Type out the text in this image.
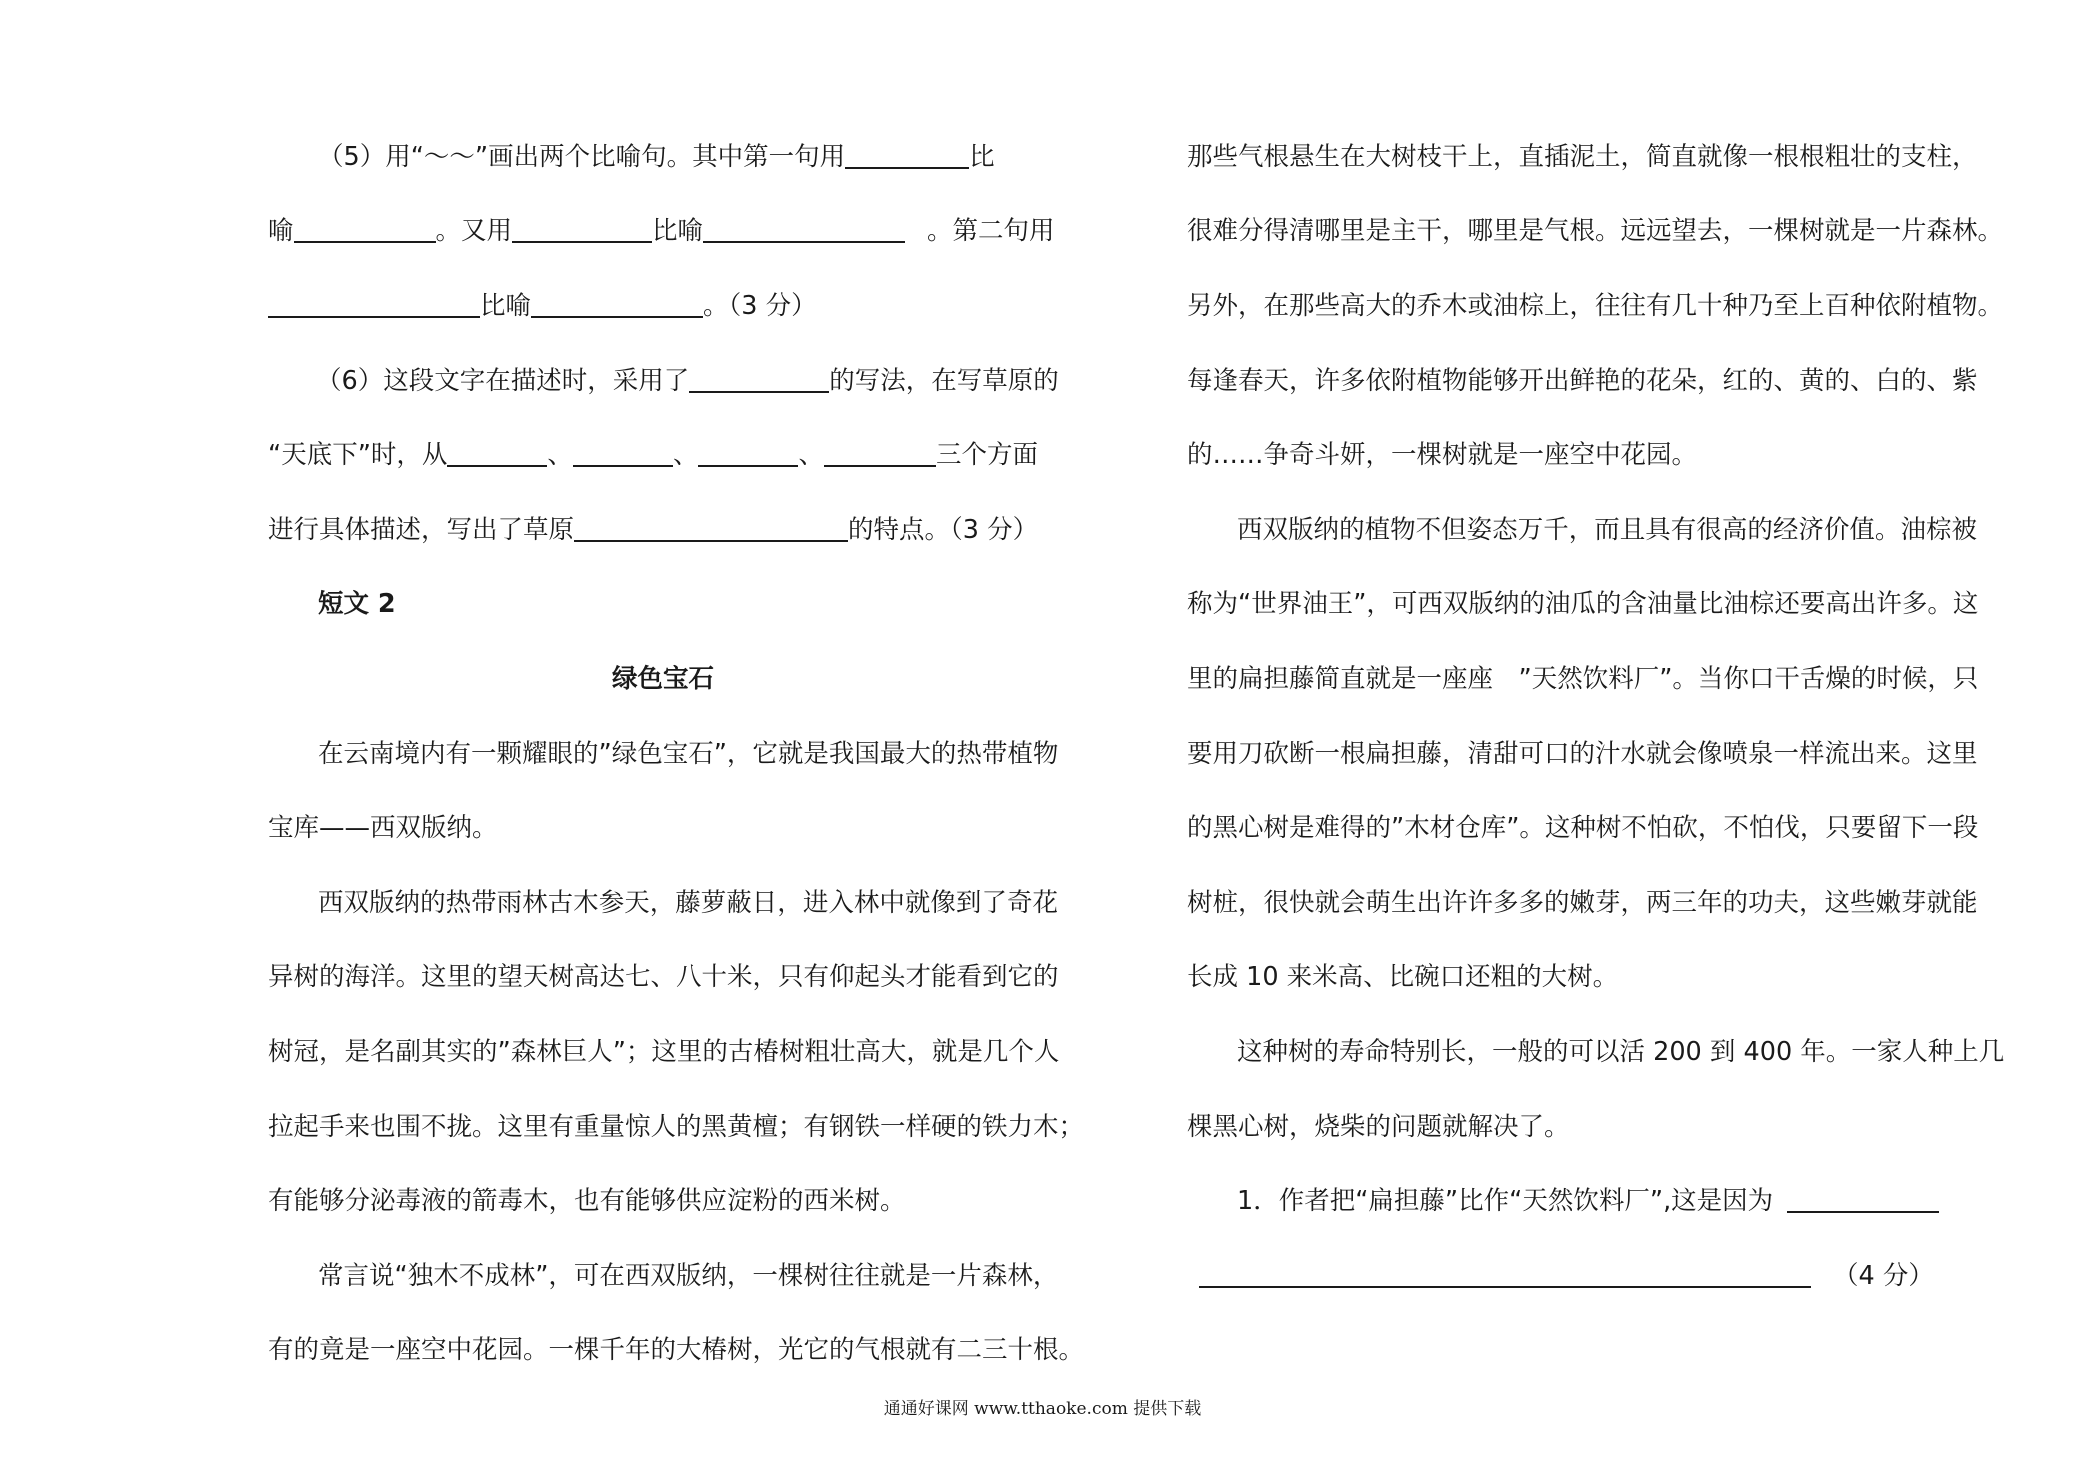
（5）用“～～”画出两个比喻句。其中第一句用	比
喻	。又用	比喻	。第二句用
比喻	。（3 分）
（6）这段文字在描述时，采用了	的写法，在写草原的
“天底下”时，从	、	、	、	三个方面
进行具体描述，写出了草原	的特点。（3 分）
短文 2
绿色宝石
在云南境内有一颗耀眼的”绿色宝石”，它就是我国最大的热带植物
宝库——西双版纳。
西双版纳的热带雨林古木参天，藤萝蔽日，进入林中就像到了奇花
异树的海洋。这里的望天树高达七、八十米，只有仰起头才能看到它的
树冠，是名副其实的”森林巨人”；这里的古椿树粗壮高大，就是几个人
拉起手来也围不拢。这里有重量惊人的黑黄檀；有钢铁一样硬的铁力木；
有能够分泌毒液的箭毒木，也有能够供应淀粉的西米树。
常言说“独木不成林”，可在西双版纳，一棵树往往就是一片森林，
有的竟是一座空中花园。一棵千年的大椿树，光它的气根就有二三十根。
那些气根悬生在大树枝干上，直插泥土，简直就像一根根粗壮的支柱，
很难分得清哪里是主干，哪里是气根。远远望去，一棵树就是一片森林。
另外，在那些高大的乔木或油棕上，往往有几十种乃至上百种依附植物。
每逢春天，许多依附植物能够开出鲜艳的花朵，红的、黄的、白的、紫
的……争奇斗妍，一棵树就是一座空中花园。
西双版纳的植物不但姿态万千，而且具有很高的经济价值。油棕被
称为“世界油王”，可西双版纳的油瓜的含油量比油棕还要高出许多。这
里的扁担藤简直就是一座座　”天然饮料厂”。当你口干舌燥的时候，只
要用刀砍断一根扁担藤，清甜可口的汁水就会像喷泉一样流出来。这里
的黑心树是难得的”木材仓库”。这种树不怕砍，不怕伐，只要留下一段
树桩，很快就会萌生出许许多多的嫩芽，两三年的功夫，这些嫩芽就能
长成 10 来米高、比碗口还粗的大树。
这种树的寿命特别长，一般的可以活 200 到 400 年。一家人种上几
棵黑心树，烧柴的问题就解决了。
1．作者把“扁担藤”比作“天然饮料厂”,这是因为
（4 分）
通通好课网 www.tthaoke.com 提供下载
